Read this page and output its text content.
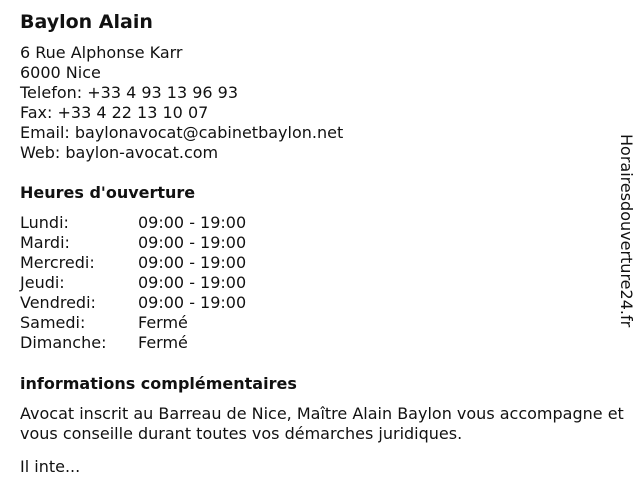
Baylon Alain
6 Rue Alphonse Karr
6000 Nice
Telefon: +33 4 93 13 96 93
Fax: +33 4 22 13 10 07
Email: baylonavocat@cabinetbaylon.net
Web: baylon-avocat.com
Heures d'ouverture
Lundi:	09:00 - 19:00
Mardi:	09:00 - 19:00
Mercredi:	09:00 - 19:00
Jeudi:	09:00 - 19:00
Vendredi:	09:00 - 19:00
Samedi:	Fermé
Dimanche: Fermé
informations complémentaires
Avocat inscrit au Barreau de Nice, Maître Alain Baylon vous accompagne et vous conseille durant toutes vos démarches juridiques.
Il inte...
Horairesdouverture24.fr
